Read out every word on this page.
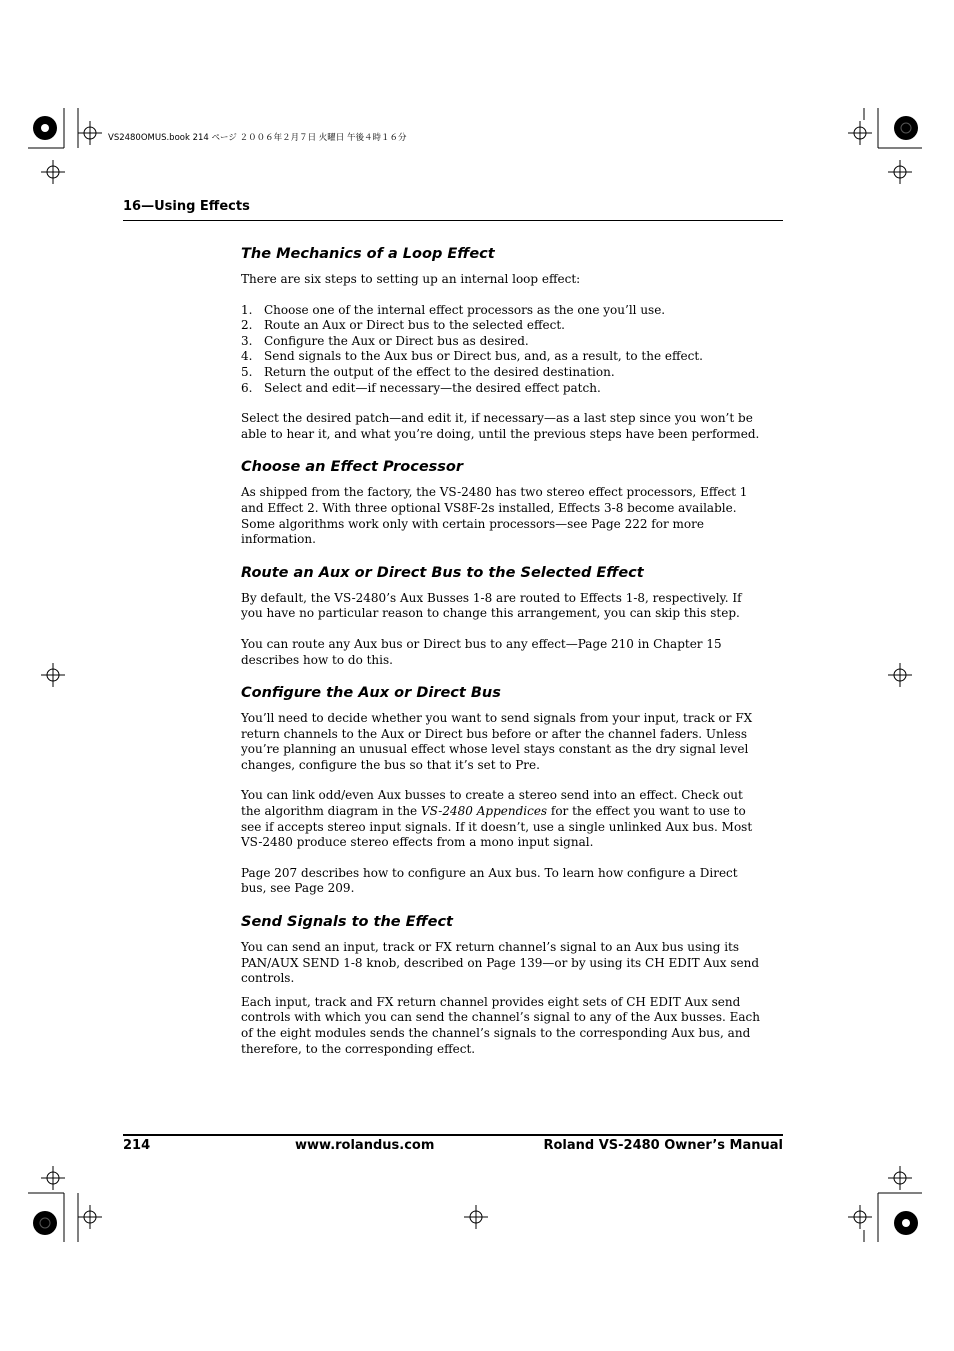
VS2480OMUS.book 214 ページ ２００６年２月７日 火曜日 午後４時１６分
16—Using Effects
The Mechanics of a Loop Effect

There are six steps to setting up an internal loop effect:

1. Choose one of the internal effect processors as the one you’ll use.
2. Route an Aux or Direct bus to the selected effect.
3. Configure the Aux or Direct bus as desired.
4. Send signals to the Aux bus or Direct bus, and, as a result, to the effect.
5. Return the output of the effect to the desired destination.
6. Select and edit—if necessary—the desired effect patch.

Select the desired patch—and edit it, if necessary—as a last step since you won’t be able to hear it, and what you’re doing, until the previous steps have been performed.

Choose an Effect Processor

As shipped from the factory, the VS-2480 has two stereo effect processors, Effect 1 and Effect 2. With three optional VS8F-2s installed, Effects 3-8 become available. Some algorithms work only with certain processors—see Page 222 for more information.

Route an Aux or Direct Bus to the Selected Effect

By default, the VS-2480’s Aux Busses 1-8 are routed to Effects 1-8, respectively. If you have no particular reason to change this arrangement, you can skip this step.

You can route any Aux bus or Direct bus to any effect—Page 210 in Chapter 15 describes how to do this.

Configure the Aux or Direct Bus

You’ll need to decide whether you want to send signals from your input, track or FX return channels to the Aux or Direct bus before or after the channel faders. Unless you’re planning an unusual effect whose level stays constant as the dry signal level changes, configure the bus so that it’s set to Pre.

You can link odd/even Aux busses to create a stereo send into an effect. Check out the algorithm diagram in the VS-2480 Appendices for the effect you want to use to see if accepts stereo input signals. If it doesn’t, use a single unlinked Aux bus. Most VS-2480 produce stereo effects from a mono input signal.

Page 207 describes how to configure an Aux bus. To learn how configure a Direct bus, see Page 209.

Send Signals to the Effect

You can send an input, track or FX return channel’s signal to an Aux bus using its PAN/AUX SEND 1-8 knob, described on Page 139—or by using its CH EDIT Aux send controls.

Each input, track and FX return channel provides eight sets of CH EDIT Aux send controls with which you can send the channel’s signal to any of the Aux busses. Each of the eight modules sends the channel’s signals to the corresponding Aux bus, and therefore, to the corresponding effect.

214	www.rolandus.com	Roland VS-2480 Owner’s Manual
